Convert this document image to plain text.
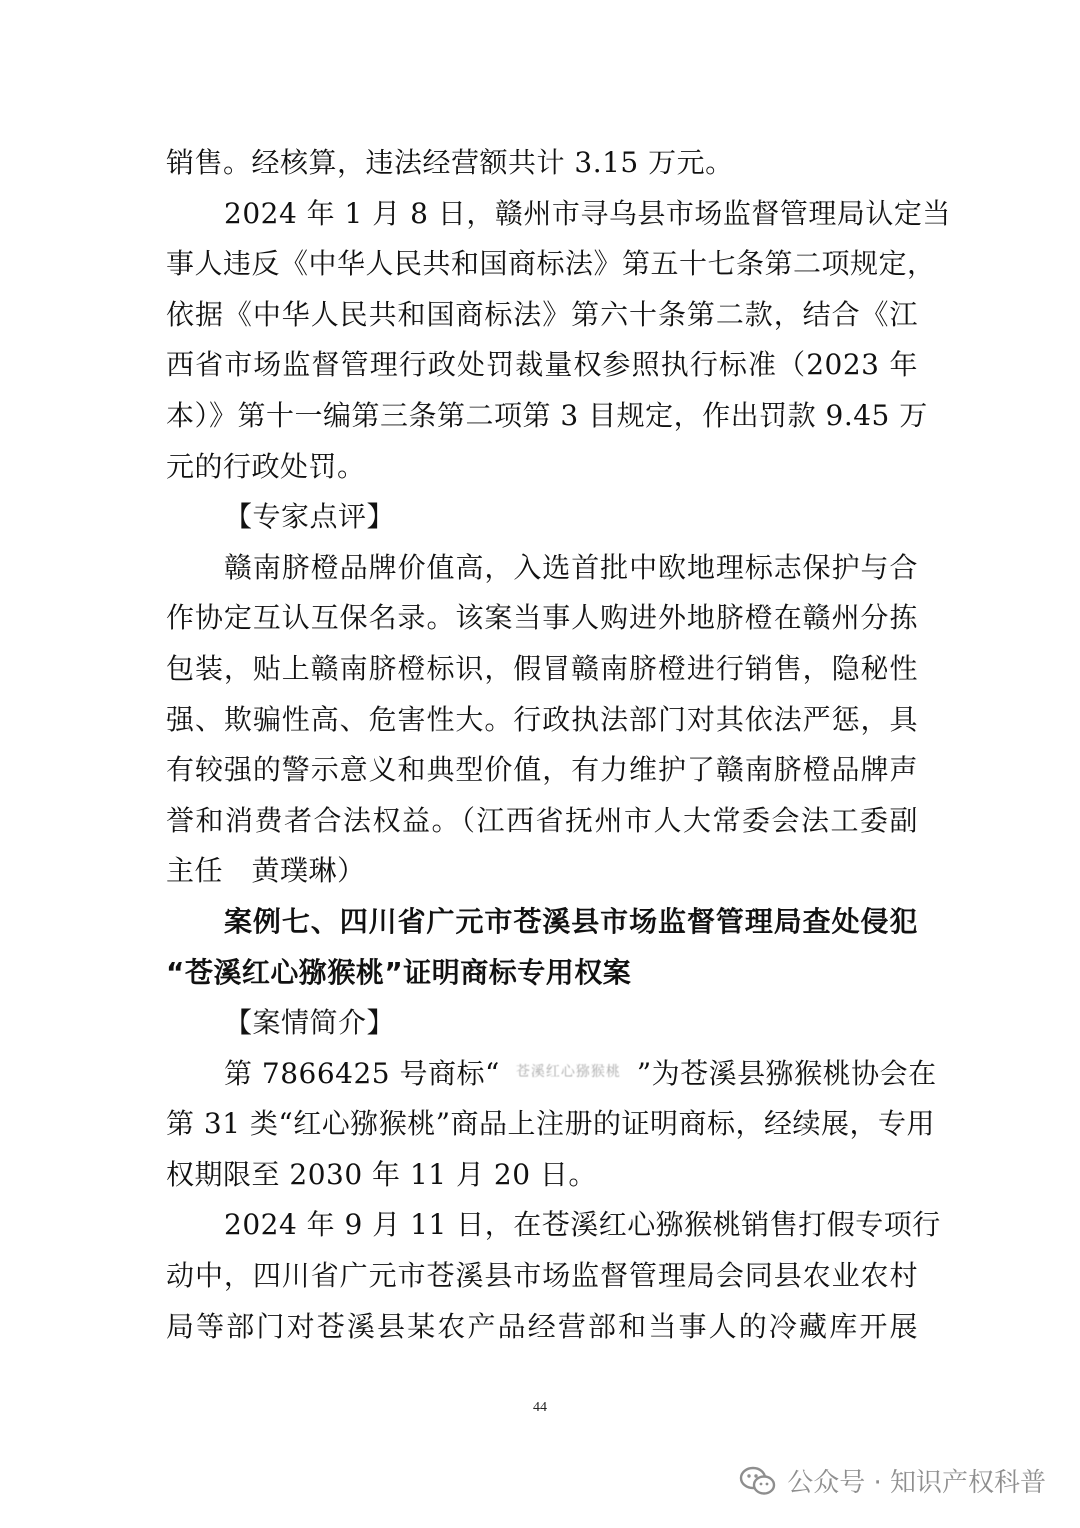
销售。经核算，违法经营额共计 3.15 万元。
2024 年 1 月 8 日，赣州市寻乌县市场监督管理局认定当
事人违反《中华人民共和国商标法》第五十七条第二项规定，
依据《中华人民共和国商标法》第六十条第二款，结合《江
西省市场监督管理行政处罚裁量权参照执行标准（2023 年
本）》第十一编第三条第二项第 3 目规定，作出罚款 9.45 万
元的行政处罚。
【专家点评】
赣南脐橙品牌价值高，入选首批中欧地理标志保护与合
作协定互认互保名录。该案当事人购进外地脐橙在赣州分拣
包装，贴上赣南脐橙标识，假冒赣南脐橙进行销售，隐秘性
强、欺骗性高、危害性大。行政执法部门对其依法严惩，具
有较强的警示意义和典型价值，有力维护了赣南脐橙品牌声
誉和消费者合法权益。（江西省抚州市人大常委会法工委副
主任　黄璞琳）
案例七、四川省广元市苍溪县市场监督管理局查处侵犯
“苍溪红心猕猴桃”证明商标专用权案
【案情简介】
第 7866425 号商标“ 苍溪红心猕猴桃 ”为苍溪县猕猴桃协会在
第 31 类“红心猕猴桃”商品上注册的证明商标，经续展，专用
权期限至 2030 年 11 月 20 日。
2024 年 9 月 11 日，在苍溪红心猕猴桃销售打假专项行
动中，四川省广元市苍溪县市场监督管理局会同县农业农村
局等部门对苍溪县某农产品经营部和当事人的冷藏库开展
44
公众号 · 知识产权科普
